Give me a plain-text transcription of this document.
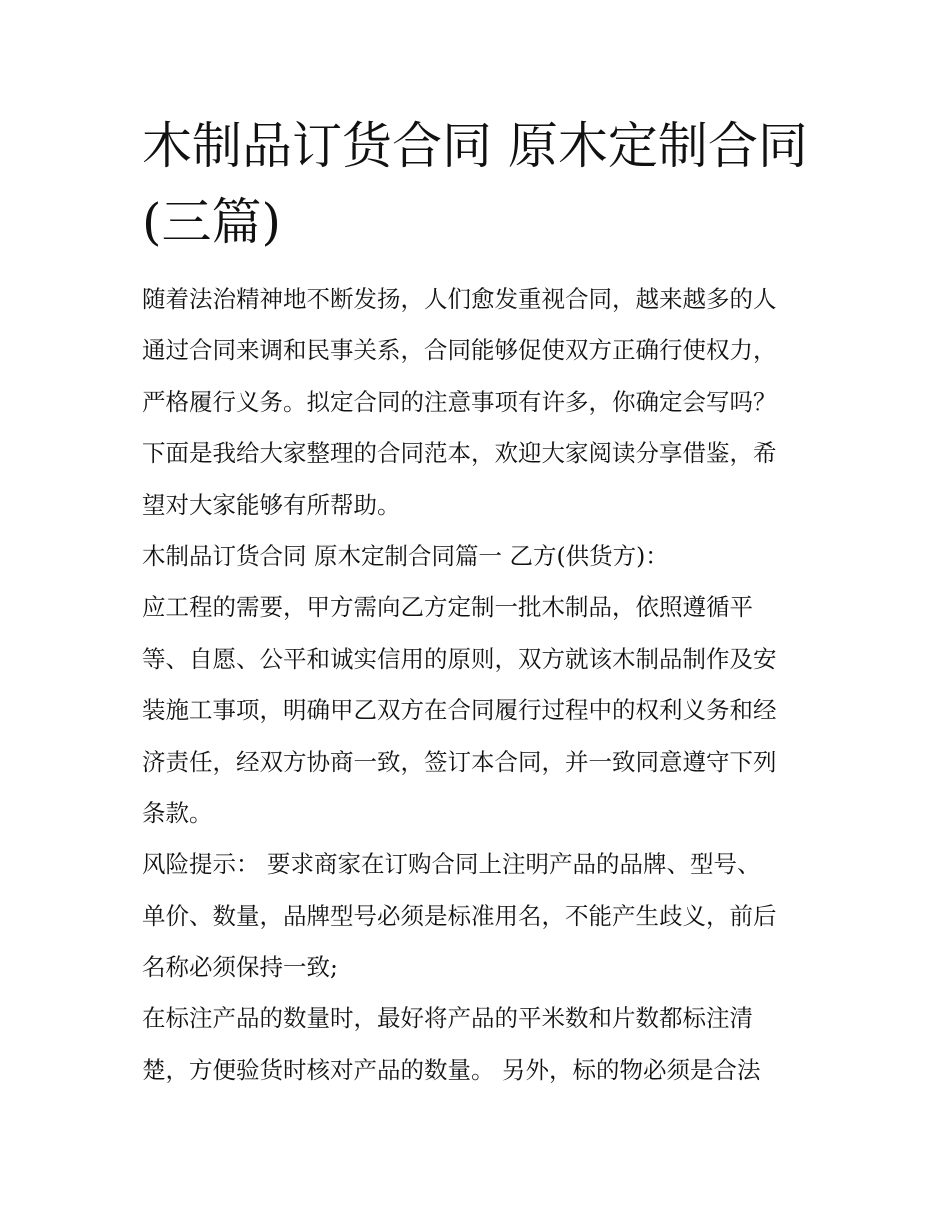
木制品订货合同 原木定制合同
(三篇)
随着法治精神地不断发扬，人们愈发重视合同，越来越多的人
通过合同来调和民事关系，合同能够促使双方正确行使权力，
严格履行义务。拟定合同的注意事项有许多，你确定会写吗？
下面是我给大家整理的合同范本，欢迎大家阅读分享借鉴，希
望对大家能够有所帮助。
木制品订货合同 原木定制合同篇一 乙方(供货方)：
应工程的需要，甲方需向乙方定制一批木制品，依照遵循平
等、自愿、公平和诚实信用的原则，双方就该木制品制作及安
装施工事项，明确甲乙双方在合同履行过程中的权利义务和经
济责任，经双方协商一致，签订本合同，并一致同意遵守下列
条款。
风险提示： 要求商家在订购合同上注明产品的品牌、型号、
单价、数量，品牌型号必须是标准用名，不能产生歧义，前后
名称必须保持一致;
在标注产品的数量时，最好将产品的平米数和片数都标注清
楚，方便验货时核对产品的数量。 另外，标的物必须是合法
